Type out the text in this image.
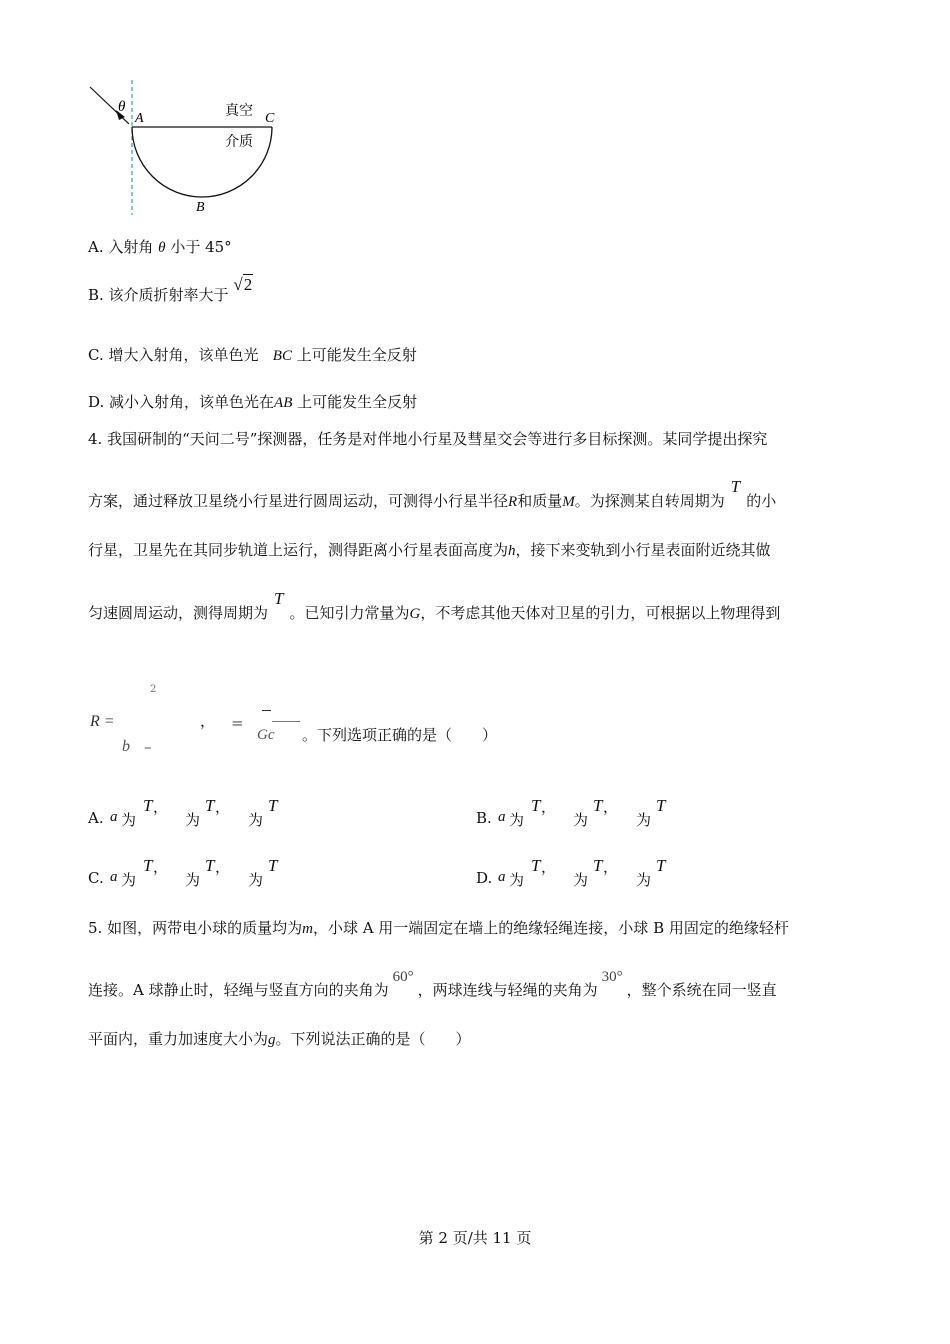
θ
A	C
B
真空
介质
A. 入射角 θ 小于 45°
B. 该介质折射率大于 √2
C. 增大入射角，该单色光 BC 上可能发生全反射
D. 减小入射角，该单色光在AB 上可能发生全反射
4. 我国研制的“天问二号”探测器，任务是对伴地小行星及彗星交会等进行多目标探测。某同学提出探究
方案，通过释放卫星绕小行星进行圆周运动，可测得小行星半径R和质量M。为探测某自转周期为T的小
行星，卫星先在其同步轨道上运行，测得距离小行星表面高度为h，接下来变轨到小行星表面附近绕其做
匀速圆周运动，测得周期为T。已知引力常量为G，不考虑其他天体对卫星的引力，可根据以上物理得到
R =
2
b –
， =
Gc 。下列选项正确的是（　　）
A. a 为
T ，
为
T ，
为
T
B. a 为
T ，
为
T ，
为
T
C. a 为
T ，
为
T ，
为
T
D. a 为
T ，
为
T ，
为
T
5. 如图，两带电小球的质量均为m，小球 A 用一端固定在墙上的绝缘轻绳连接，小球 B 用固定的绝缘轻杆
连接。A 球静止时，轻绳与竖直方向的夹角为60°，两球连线与轻绳的夹角为30°，整个系统在同一竖直
平面内，重力加速度大小为g。下列说法正确的是（　　）
第 2 页/共 11 页
